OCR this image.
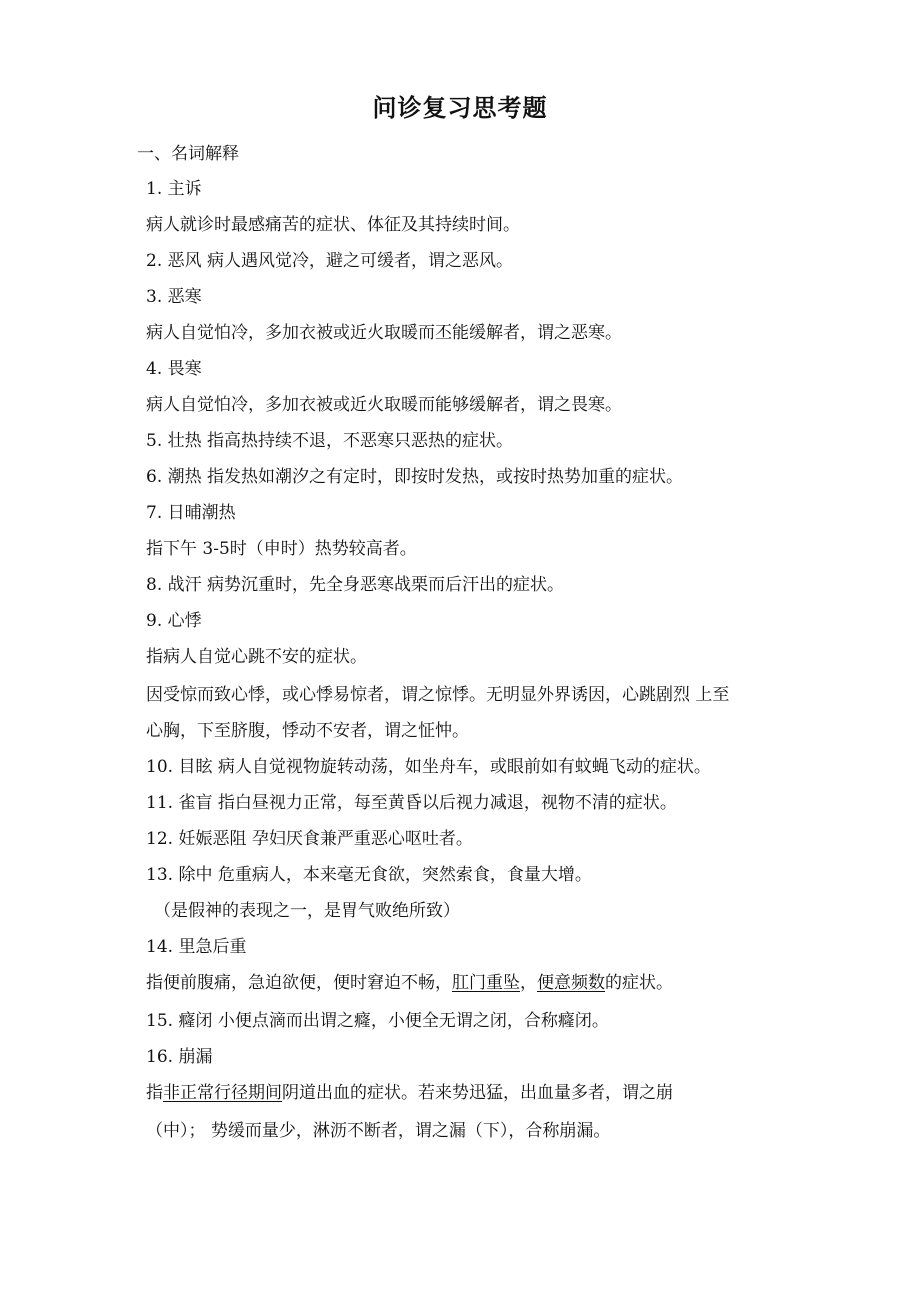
问诊复习思考题
一、名词解释
1. 主诉
病人就诊时最感痛苦的症状、体征及其持续时间。
2. 恶风 病人遇风觉冷，避之可缓者，谓之恶风。
3. 恶寒
病人自觉怕冷，多加衣被或近火取暖而丕能缓解者，谓之恶寒。
4. 畏寒
病人自觉怕冷，多加衣被或近火取暖而能够缓解者，谓之畏寒。
5. 壮热 指高热持续不退，不恶寒只恶热的症状。
6. 潮热 指发热如潮汐之有定时，即按时发热，或按时热势加重的症状。
7. 日晡潮热
指下午 3-5时（申时）热势较高者。
8. 战汗 病势沉重时，先全身恶寒战栗而后汗出的症状。
9. 心悸
指病人自觉心跳不安的症状。
因受惊而致心悸，或心悸易惊者，谓之惊悸。无明显外界诱因，心跳剧烈 上至
心胸，下至脐腹，悸动不安者，谓之怔忡。
10. 目眩 病人自觉视物旋转动荡，如坐舟车，或眼前如有蚊蝇飞动的症状。
11. 雀盲 指白昼视力正常，每至黄昏以后视力减退，视物不清的症状。
12. 妊娠恶阻 孕妇厌食兼严重恶心呕吐者。
13. 除中 危重病人，本来毫无食欲，突然索食，食量大增。
（是假神的表现之一，是胃气败绝所致）
14. 里急后重
指便前腹痛，急迫欲便，便时窘迫不畅，肛门重坠，便意频数的症状。
15. 癃闭 小便点滴而出谓之癃，小便全无谓之闭，合称癃闭。
16. 崩漏
指非正常行径期间阴道出血的症状。若来势迅猛，出血量多者，谓之崩
（中）； 势缓而量少，淋沥不断者，谓之漏（下），合称崩漏。
